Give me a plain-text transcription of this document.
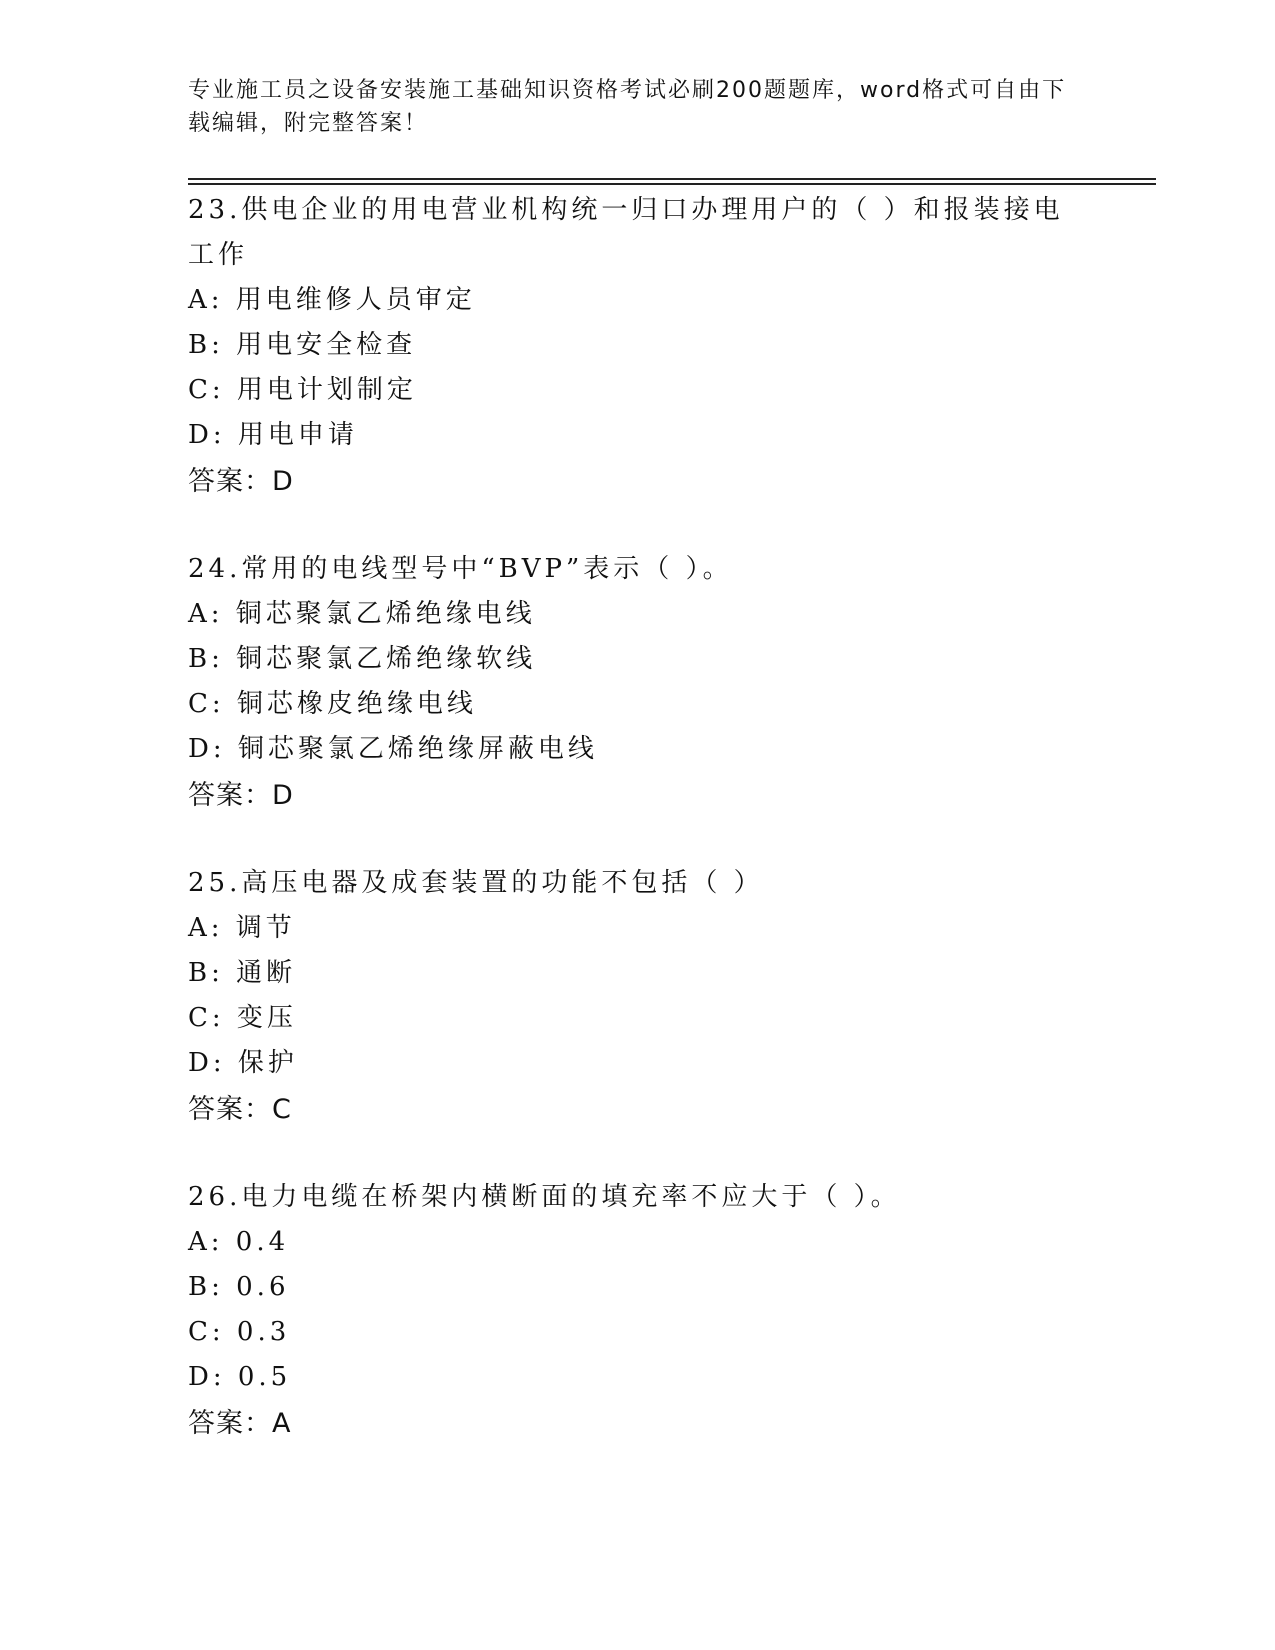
专业施工员之设备安装施工基础知识资格考试必刷200题题库，word格式可自由下载编辑，附完整答案！

23.供电企业的用电营业机构统一归口办理用户的（ ）和报装接电工作

A: 用电维修人员审定
B: 用电安全检查
C: 用电计划制定
D: 用电申请
答案：D

24.常用的电线型号中“BVP”表示（ ）。

A: 铜芯聚氯乙烯绝缘电线
B: 铜芯聚氯乙烯绝缘软线
C: 铜芯橡皮绝缘电线
D: 铜芯聚氯乙烯绝缘屏蔽电线
答案：D

25.高压电器及成套装置的功能不包括（ ）

A: 调节
B: 通断
C: 变压
D: 保护
答案：C

26.电力电缆在桥架内横断面的填充率不应大于（ ）。

A: 0.4
B: 0.6
C: 0.3
D: 0.5
答案：A
